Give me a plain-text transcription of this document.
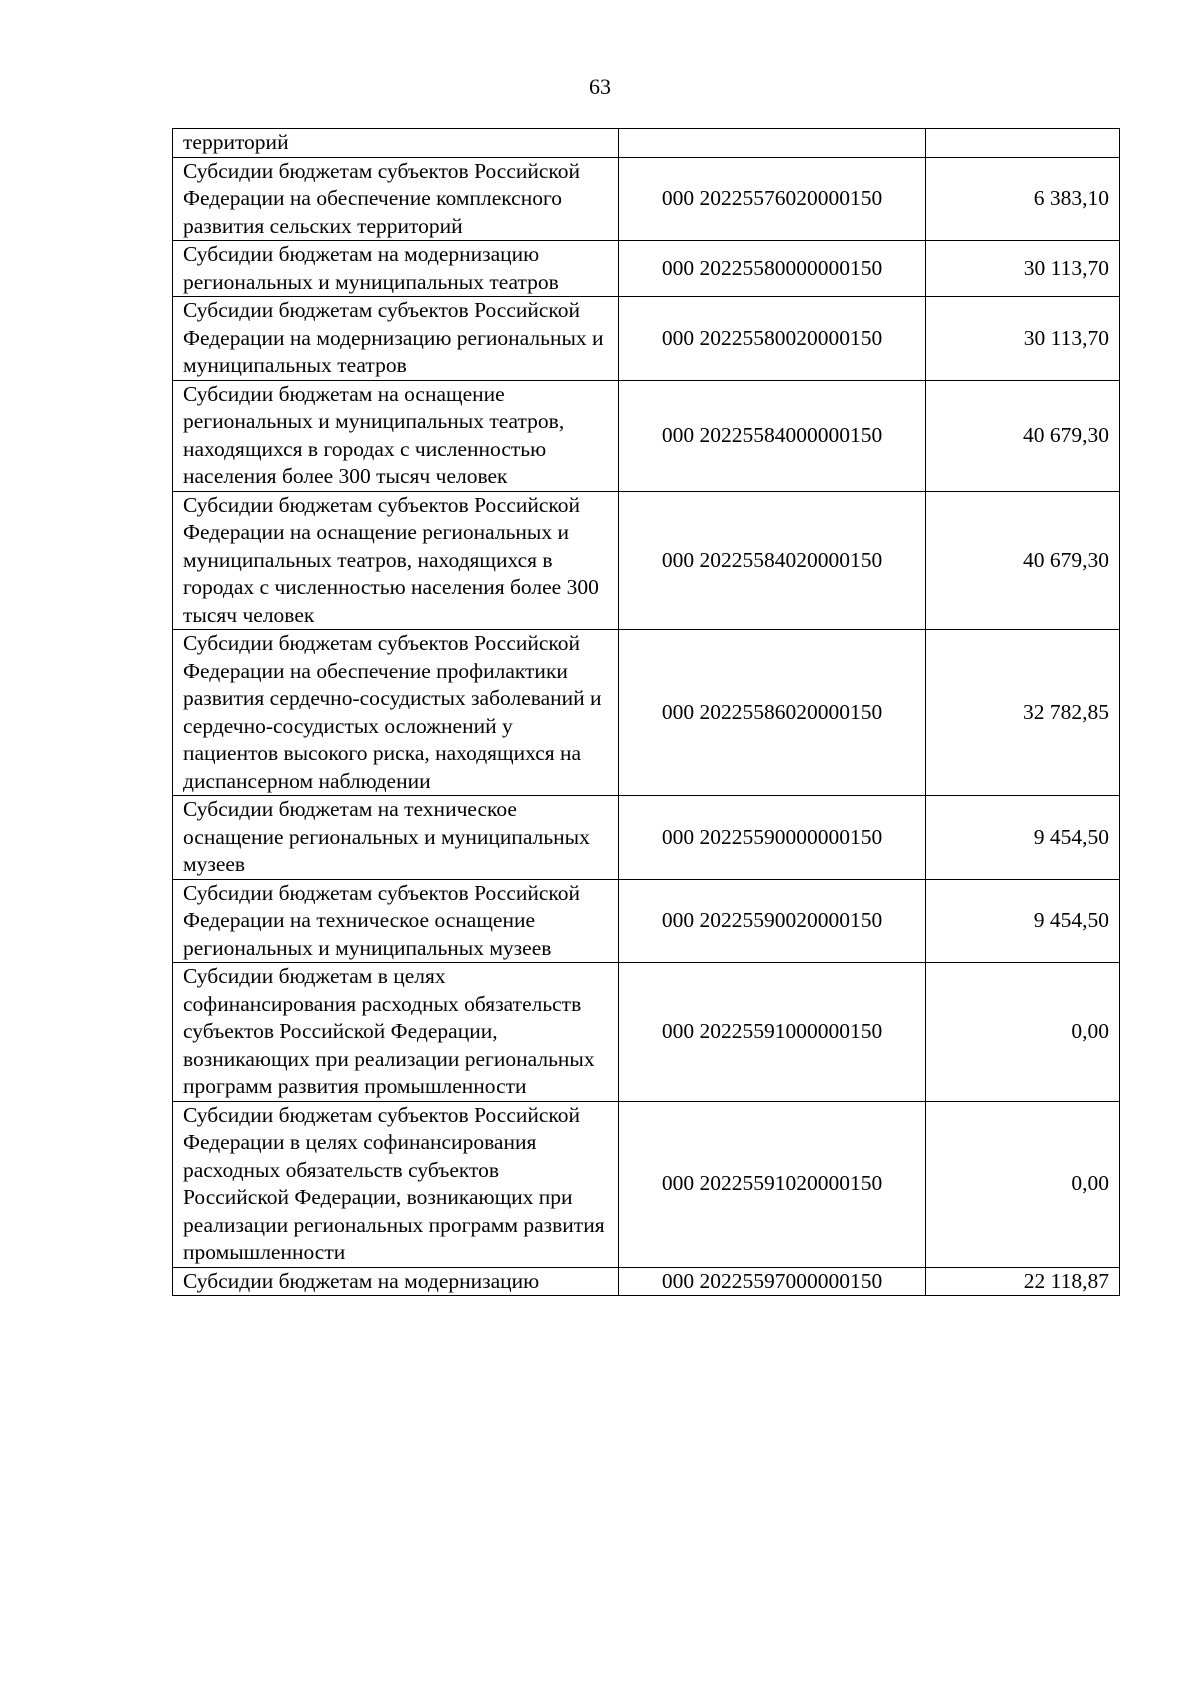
63
территорий		
Субсидии бюджетам субъектов Российской Федерации на обеспечение комплексного развития сельских территорий	000 20225576020000150	6 383,10
Субсидии бюджетам на модернизацию региональных и муниципальных театров	000 20225580000000150	30 113,70
Субсидии бюджетам субъектов Российской Федерации на модернизацию региональных и муниципальных театров	000 20225580020000150	30 113,70
Субсидии бюджетам на оснащение региональных и муниципальных театров, находящихся в городах с численностью населения более 300 тысяч человек	000 20225584000000150	40 679,30
Субсидии бюджетам субъектов Российской Федерации на оснащение региональных и муниципальных театров, находящихся в городах с численностью населения более 300 тысяч человек	000 20225584020000150	40 679,30
Субсидии бюджетам субъектов Российской Федерации на обеспечение профилактики развития сердечно-сосудистых заболеваний и сердечно-сосудистых осложнений у пациентов высокого риска, находящихся на диспансерном наблюдении	000 20225586020000150	32 782,85
Субсидии бюджетам на техническое оснащение региональных и муниципальных музеев	000 20225590000000150	9 454,50
Субсидии бюджетам субъектов Российской Федерации на техническое оснащение региональных и муниципальных музеев	000 20225590020000150	9 454,50
Субсидии бюджетам в целях софинансирования расходных обязательств субъектов Российской Федерации, возникающих при реализации региональных программ развития промышленности	000 20225591000000150	0,00
Субсидии бюджетам субъектов Российской Федерации в целях софинансирования расходных обязательств субъектов Российской Федерации, возникающих при реализации региональных программ развития промышленности	000 20225591020000150	0,00
Субсидии бюджетам на модернизацию	000 20225597000000150	22 118,87
